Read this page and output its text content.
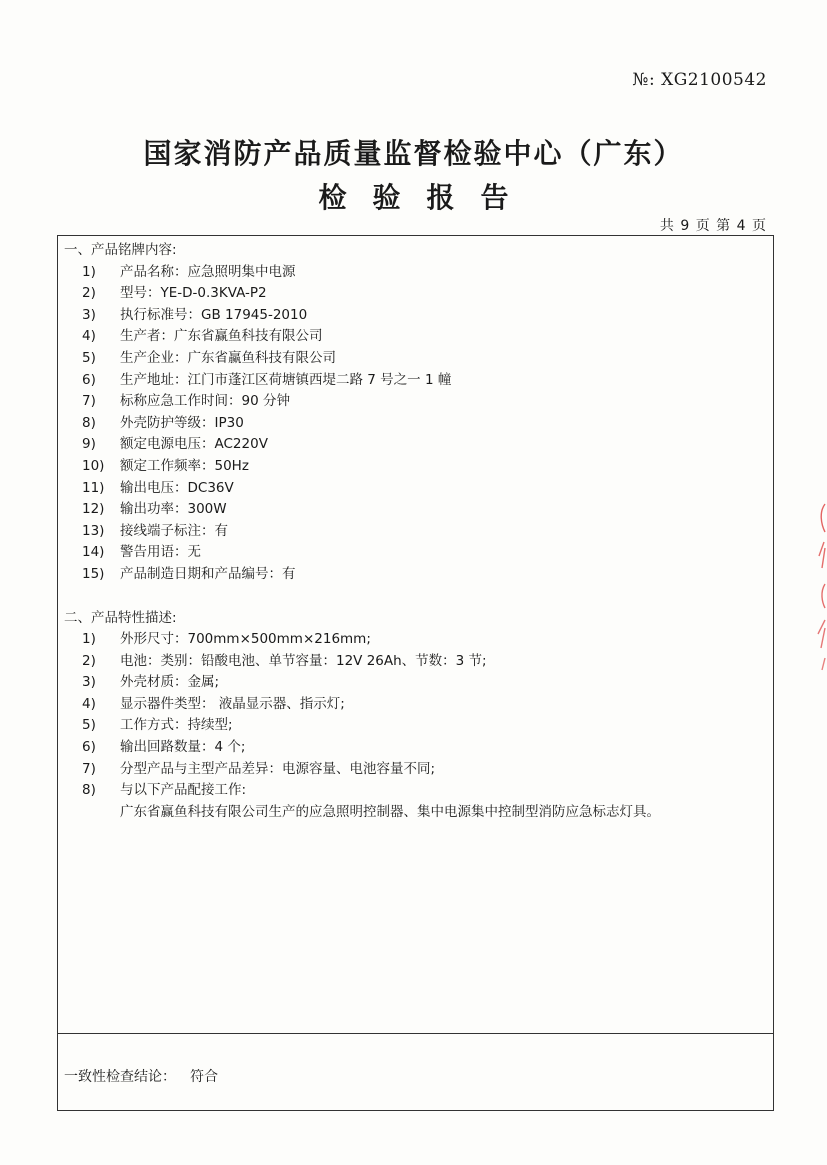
№: XG2100542
国家消防产品质量监督检验中心（广东）
检验报告
共 9 页 第 4 页
一、产品铭牌内容:
1)	产品名称：应急照明集中电源
2)	型号：YE-D-0.3KVA-P2
3)	执行标准号：GB 17945-2010
4)	生产者：广东省赢鱼科技有限公司
5)	生产企业：广东省赢鱼科技有限公司
6)	生产地址：江门市蓬江区荷塘镇西堤二路 7 号之一 1 幢
7)	标称应急工作时间：90 分钟
8)	外壳防护等级：IP30
9)	额定电源电压：AC220V
10)	额定工作频率：50Hz
11)	输出电压：DC36V
12)	输出功率：300W
13)	接线端子标注：有
14)	警告用语：无
15)	产品制造日期和产品编号：有
二、产品特性描述:
1)	外形尺寸：700mm×500mm×216mm;
2)	电池：类别：铅酸电池、单节容量：12V 26Ah、节数：3 节;
3)	外壳材质：金属;
4)	显示器件类型： 液晶显示器、指示灯;
5)	工作方式：持续型;
6)	输出回路数量：4 个;
7)	分型产品与主型产品差异：电源容量、电池容量不同;
8)	与以下产品配接工作:
广东省赢鱼科技有限公司生产的应急照明控制器、集中电源集中控制型消防应急标志灯具。
一致性检查结论： 符合
